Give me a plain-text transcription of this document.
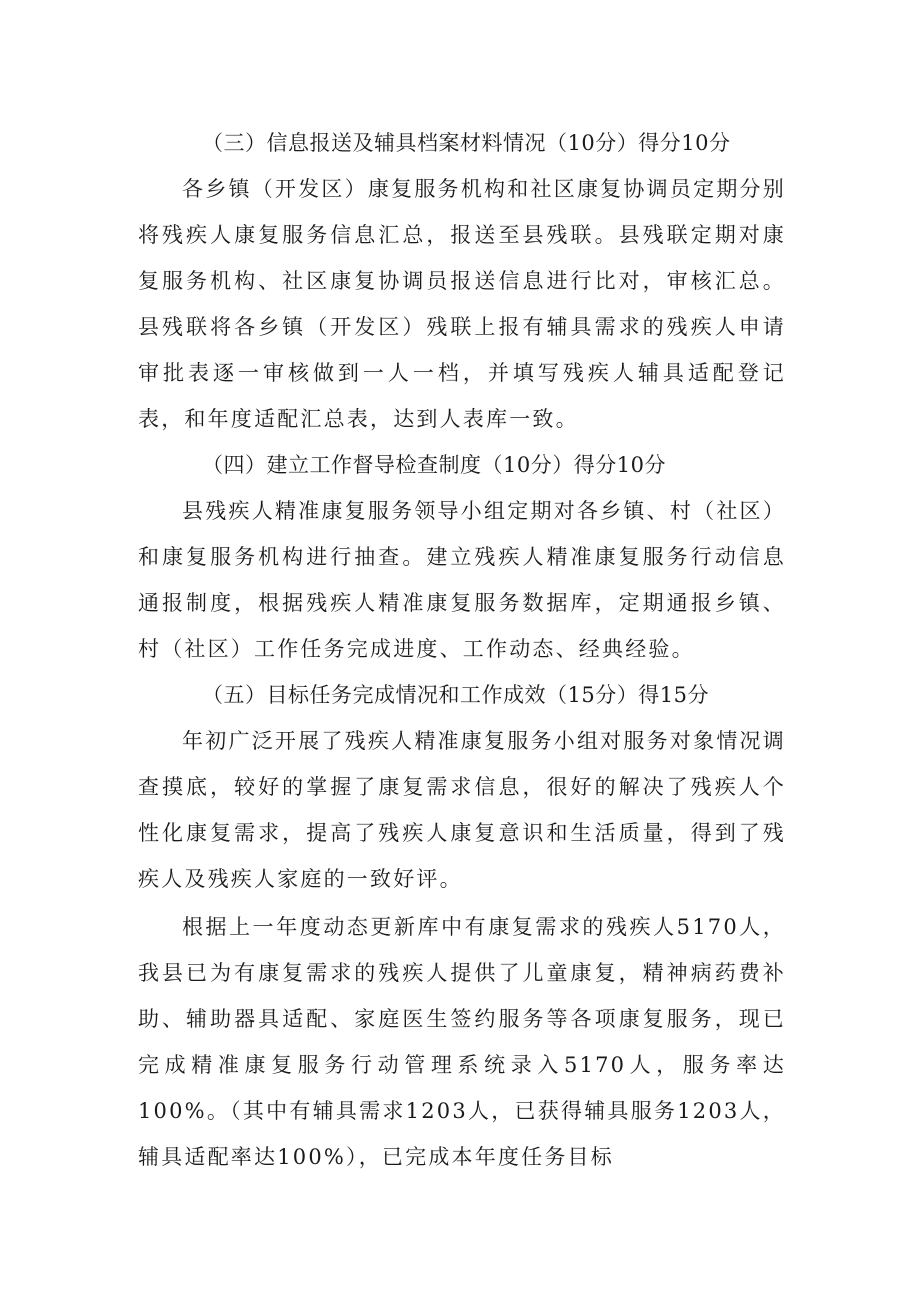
（三）信息报送及辅具档案材料情况（10分）得分10分

各乡镇（开发区）康复服务机构和社区康复协调员定期分别将残疾人康复服务信息汇总，报送至县残联。县残联定期对康复服务机构、社区康复协调员报送信息进行比对，审核汇总。县残联将各乡镇（开发区）残联上报有辅具需求的残疾人申请审批表逐一审核做到一人一档，并填写残疾人辅具适配登记表，和年度适配汇总表，达到人表库一致。

（四）建立工作督导检查制度（10分）得分10分

县残疾人精准康复服务领导小组定期对各乡镇、村（社区）和康复服务机构进行抽查。建立残疾人精准康复服务行动信息通报制度，根据残疾人精准康复服务数据库，定期通报乡镇、村（社区）工作任务完成进度、工作动态、经典经验。

（五）目标任务完成情况和工作成效（15分）得15分

年初广泛开展了残疾人精准康复服务小组对服务对象情况调查摸底，较好的掌握了康复需求信息，很好的解决了残疾人个性化康复需求，提高了残疾人康复意识和生活质量，得到了残疾人及残疾人家庭的一致好评。

根据上一年度动态更新库中有康复需求的残疾人5170人，我县已为有康复需求的残疾人提供了儿童康复，精神病药费补助、辅助器具适配、家庭医生签约服务等各项康复服务，现已完成精准康复服务行动管理系统录入5170人，服务率达100%。（其中有辅具需求1203人，已获得辅具服务1203人，辅具适配率达100%），已完成本年度任务目标
